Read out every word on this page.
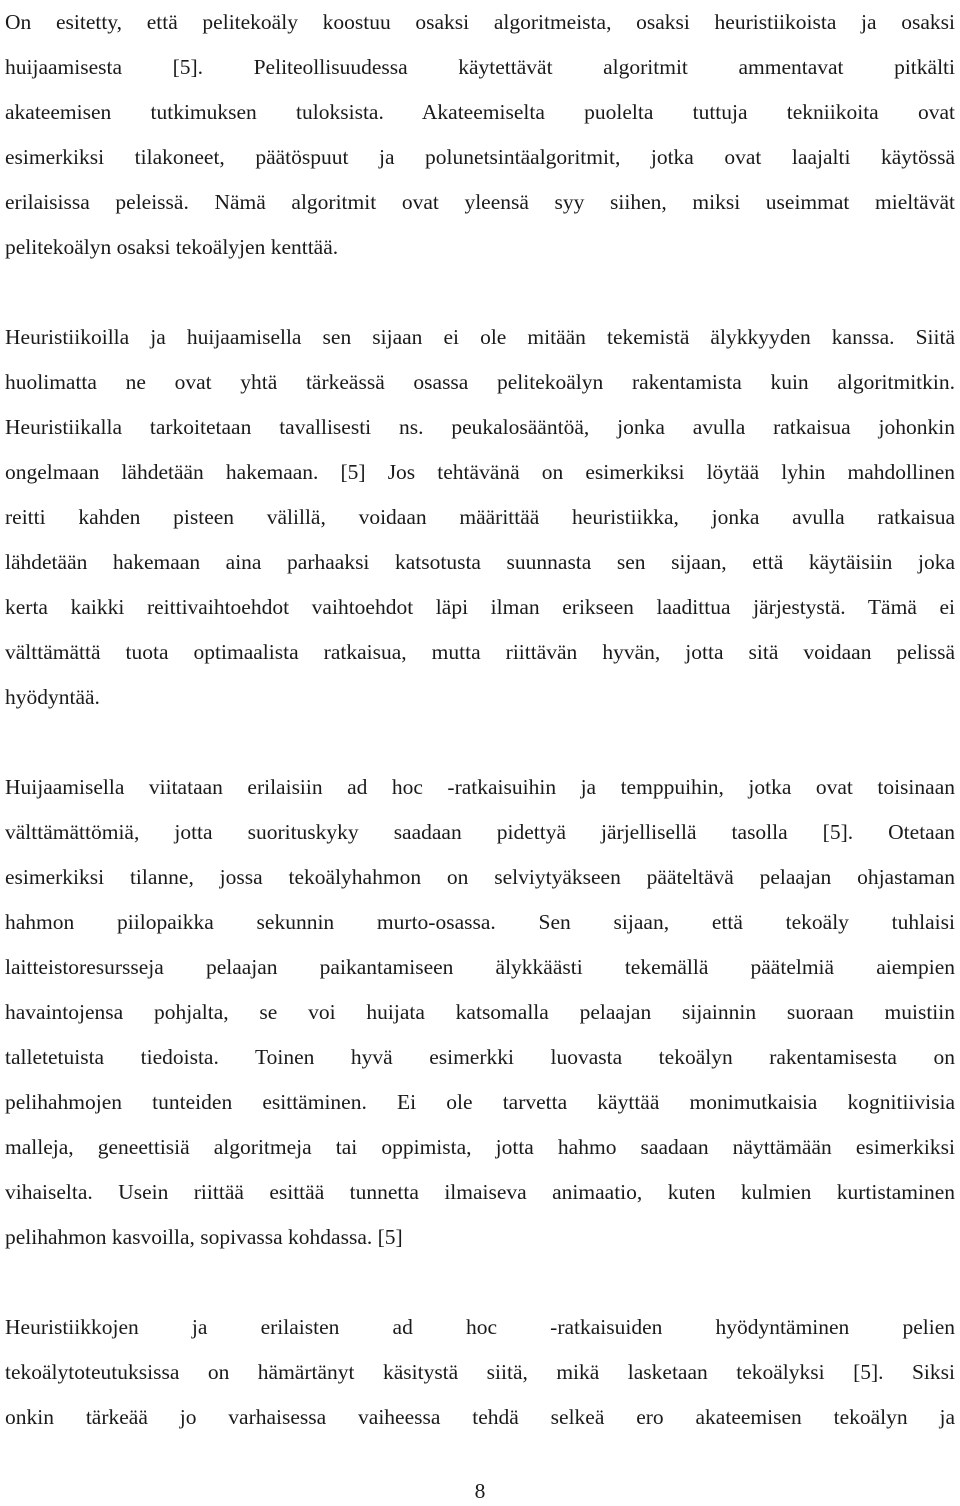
On esitetty, että pelitekoäly koostuu osaksi algoritmeista, osaksi heuristiikoista ja osaksi
huijaamisesta [5]. Peliteollisuudessa käytettävät algoritmit ammentavat pitkälti
akateemisen tutkimuksen tuloksista. Akateemiselta puolelta tuttuja tekniikoita ovat
esimerkiksi tilakoneet, päätöspuut ja polunetsintäalgoritmit, jotka ovat laajalti käytössä
erilaisissa peleissä. Nämä algoritmit ovat yleensä syy siihen, miksi useimmat mieltävät
pelitekoälyn osaksi tekoälyjen kenttää.

Heuristiikoilla ja huijaamisella sen sijaan ei ole mitään tekemistä älykkyyden kanssa. Siitä
huolimatta ne ovat yhtä tärkeässä osassa pelitekoälyn rakentamista kuin algoritmitkin.
Heuristiikalla tarkoitetaan tavallisesti ns. peukalosääntöä, jonka avulla ratkaisua johonkin
ongelmaan lähdetään hakemaan. [5] Jos tehtävänä on esimerkiksi löytää lyhin mahdollinen
reitti kahden pisteen välillä, voidaan määrittää heuristiikka, jonka avulla ratkaisua
lähdetään hakemaan aina parhaaksi katsotusta suunnasta sen sijaan, että käytäisiin joka
kerta kaikki reittivaihtoehdot vaihtoehdot läpi ilman erikseen laadittua järjestystä. Tämä ei
välttämättä tuota optimaalista ratkaisua, mutta riittävän hyvän, jotta sitä voidaan pelissä
hyödyntää.

Huijaamisella viitataan erilaisiin ad hoc -ratkaisuihin ja temppuihin, jotka ovat toisinaan
välttämättömiä, jotta suorituskyky saadaan pidettyä järjellisellä tasolla [5]. Otetaan
esimerkiksi tilanne, jossa tekoälyhahmon on selviytyäkseen pääteltävä pelaajan ohjastaman
hahmon piilopaikka sekunnin murto-osassa. Sen sijaan, että tekoäly tuhlaisi
laitteistoresursseja pelaajan paikantamiseen älykkäästi tekemällä päätelmiä aiempien
havaintojensa pohjalta, se voi huijata katsomalla pelaajan sijainnin suoraan muistiin
talletetuista tiedoista. Toinen hyvä esimerkki luovasta tekoälyn rakentamisesta on
pelihahmojen tunteiden esittäminen. Ei ole tarvetta käyttää monimutkaisia kognitiivisia
malleja, geneettisiä algoritmeja tai oppimista, jotta hahmo saadaan näyttämään esimerkiksi
vihaiselta. Usein riittää esittää tunnetta ilmaiseva animaatio, kuten kulmien kurtistaminen
pelihahmon kasvoilla, sopivassa kohdassa. [5]

Heuristiikkojen ja erilaisten ad hoc -ratkaisuiden hyödyntäminen pelien
tekoälytoteutuksissa on hämärtänyt käsitystä siitä, mikä lasketaan tekoälyksi [5]. Siksi
onkin tärkeää jo varhaisessa vaiheessa tehdä selkeä ero akateemisen tekoälyn ja

8
